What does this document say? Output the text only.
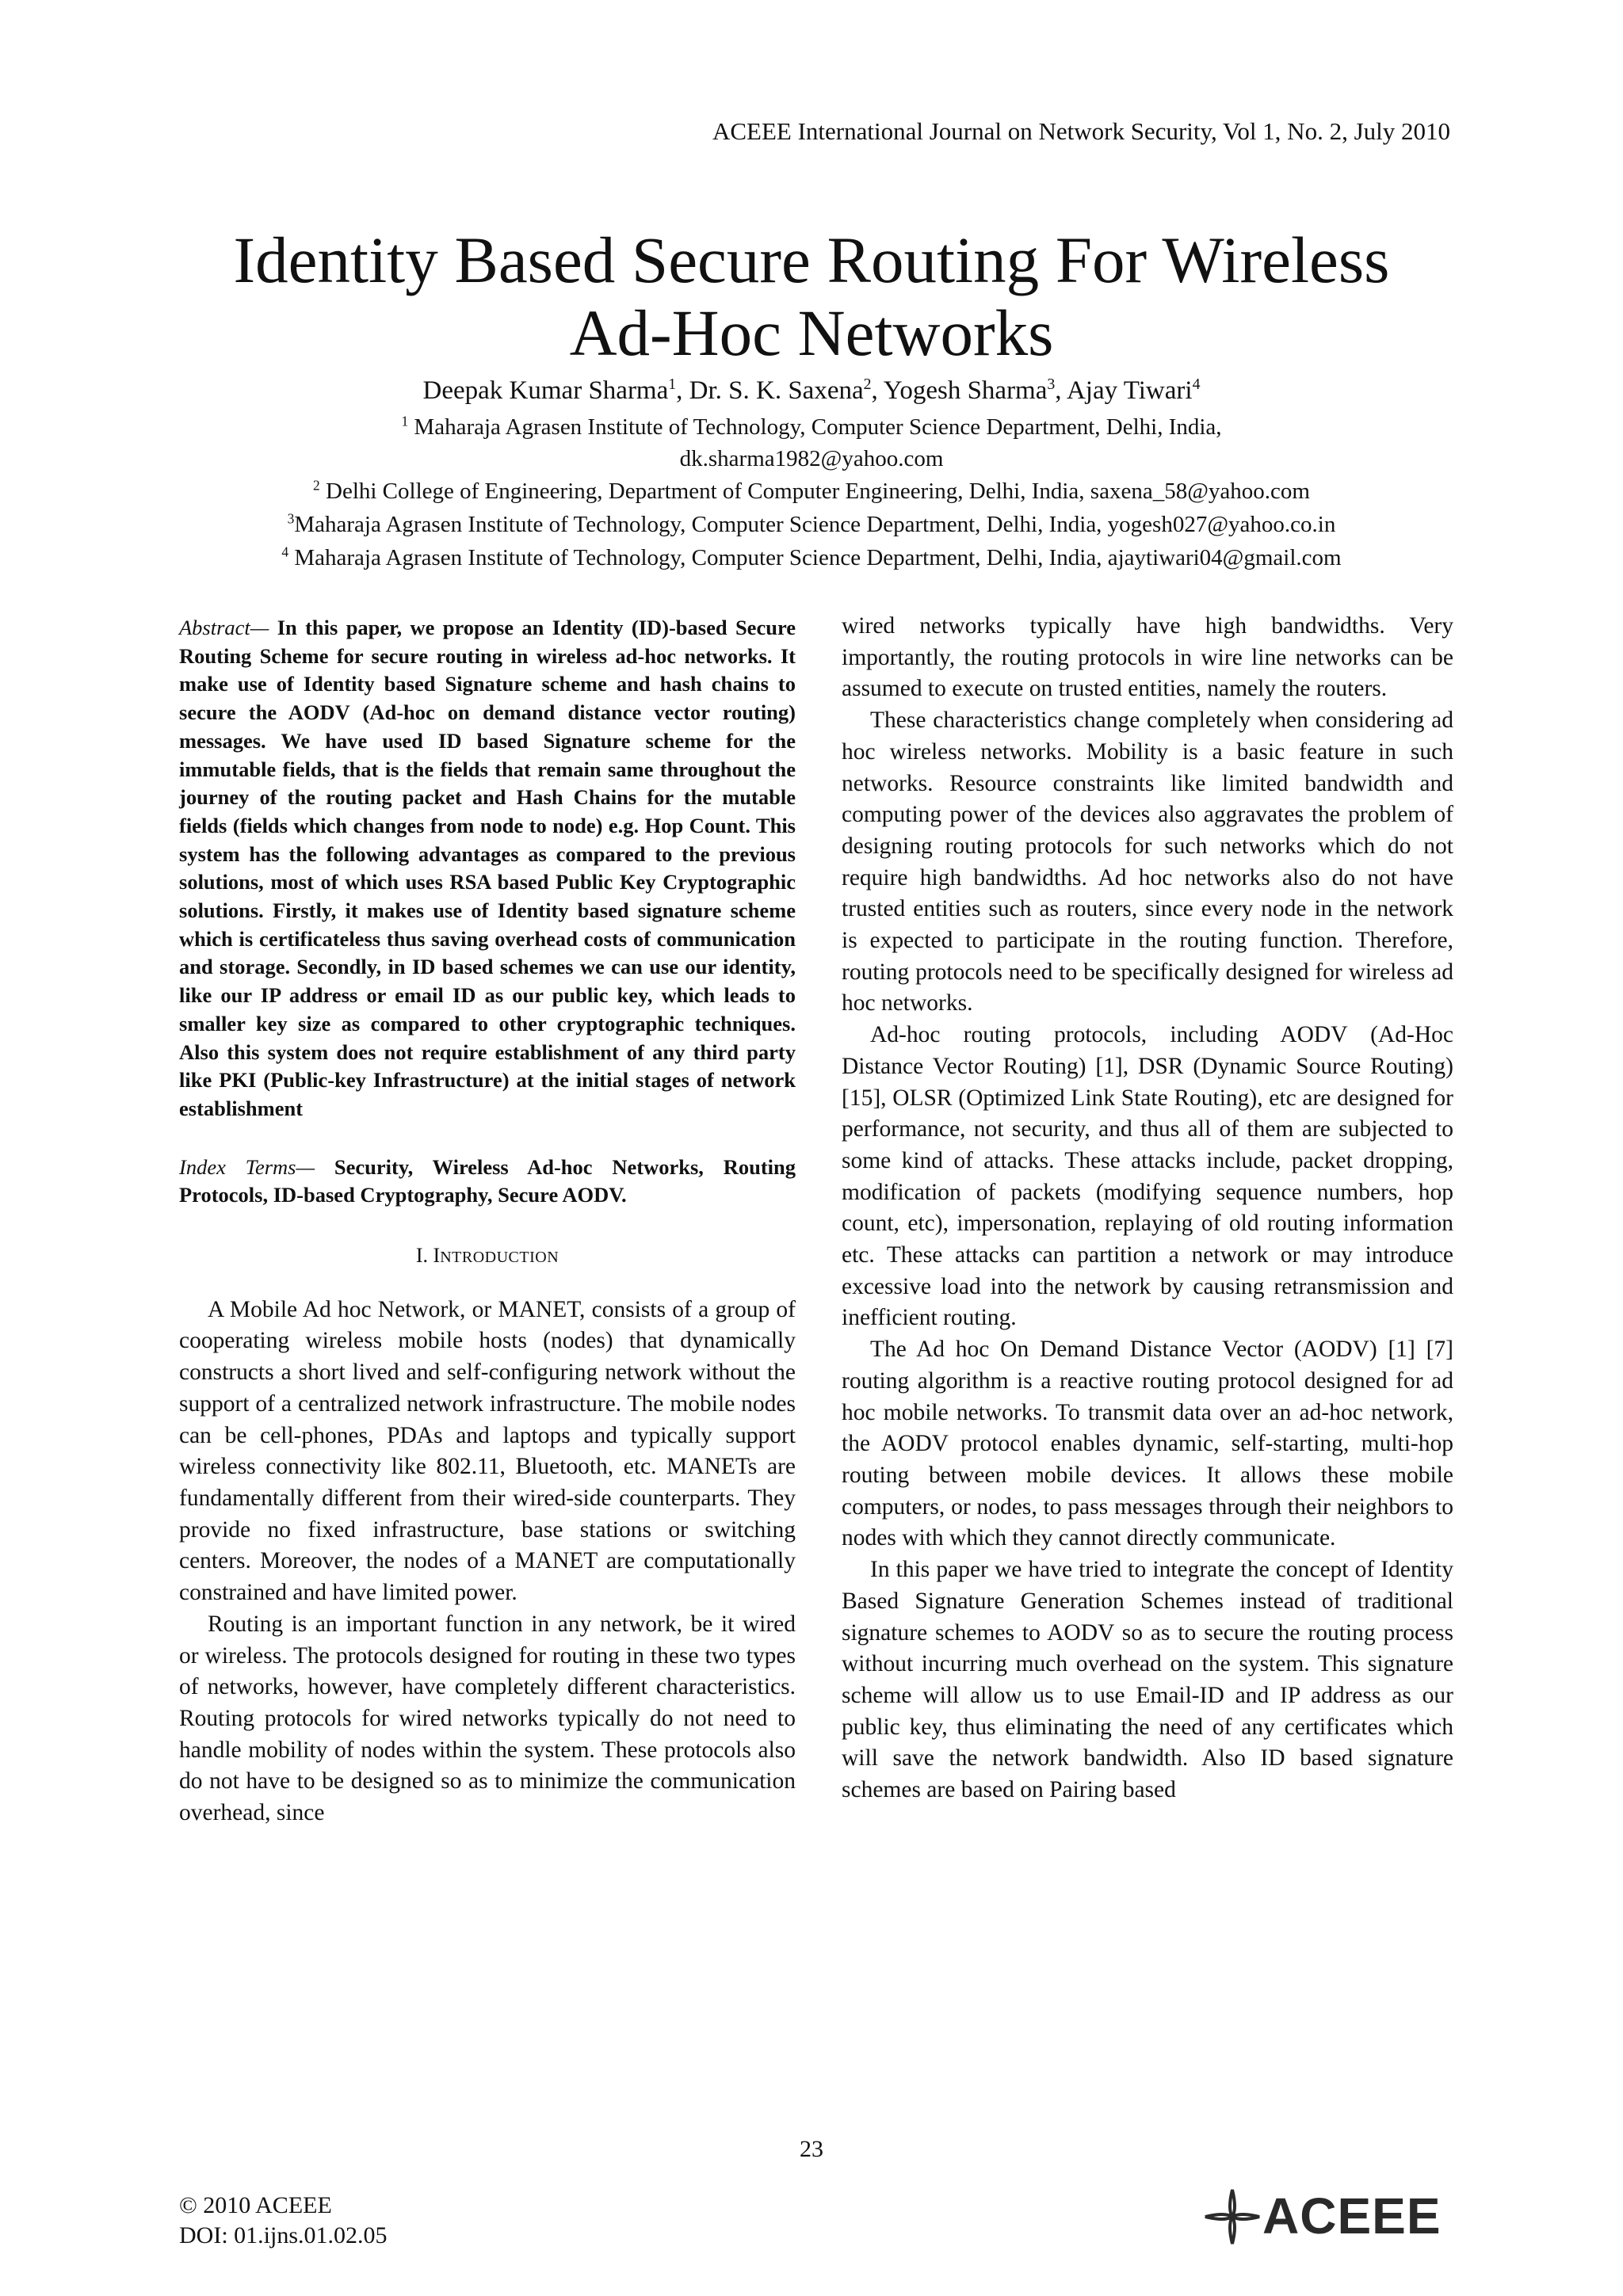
ACEEE International Journal on Network Security, Vol 1, No. 2, July 2010
Identity Based Secure Routing For Wireless
Ad-Hoc Networks
Deepak Kumar Sharma$^1$, Dr. S. K. Saxena$^2$, Yogesh Sharma$^3$, Ajay Tiwari$^4$
$^1$ Maharaja Agrasen Institute of Technology, Computer Science Department, Delhi, India,
dk.sharma1982@yahoo.com
$^2$ Delhi College of Engineering, Department of Computer Engineering, Delhi, India, saxena_58@yahoo.com
$^3$Maharaja Agrasen Institute of Technology, Computer Science Department, Delhi, India, yogesh027@yahoo.co.in
$^4$ Maharaja Agrasen Institute of Technology, Computer Science Department, Delhi, India, ajaytiwari04@gmail.com

Abstract— In this paper, we propose an Identity (ID)-based Secure Routing Scheme for secure routing in wireless ad-hoc networks. It make use of Identity based Signature scheme and hash chains to secure the AODV (Ad-hoc on demand distance vector routing) messages. We have used ID based Signature scheme for the immutable fields, that is the fields that remain same throughout the journey of the routing packet and Hash Chains for the mutable fields (fields which changes from node to node) e.g. Hop Count. This system has the following advantages as compared to the previous solutions, most of which uses RSA based Public Key Cryptographic solutions. Firstly, it makes use of Identity based signature scheme which is certificateless thus saving overhead costs of communication and storage. Secondly, in ID based schemes we can use our identity, like our IP address or email ID as our public key, which leads to smaller key size as compared to other cryptographic techniques. Also this system does not require establishment of any third party like PKI (Public-key Infrastructure) at the initial stages of network establishment

Index Terms— Security, Wireless Ad-hoc Networks, Routing Protocols, ID-based Cryptography, Secure AODV.

I. INTRODUCTION

A Mobile Ad hoc Network, or MANET, consists of a group of cooperating wireless mobile hosts (nodes) that dynamically constructs a short lived and self-configuring network without the support of a centralized network infrastructure. The mobile nodes can be cell-phones, PDAs and laptops and typically support wireless connectivity like 802.11, Bluetooth, etc. MANETs are fundamentally different from their wired-side counterparts. They provide no fixed infrastructure, base stations or switching centers. Moreover, the nodes of a MANET are computationally constrained and have limited power.

Routing is an important function in any network, be it wired or wireless. The protocols designed for routing in these two types of networks, however, have completely different characteristics. Routing protocols for wired networks typically do not need to handle mobility of nodes within the system. These protocols also do not have to be designed so as to minimize the communication overhead, since

wired networks typically have high bandwidths. Very importantly, the routing protocols in wire line networks can be assumed to execute on trusted entities, namely the routers.

These characteristics change completely when considering ad hoc wireless networks. Mobility is a basic feature in such networks. Resource constraints like limited bandwidth and computing power of the devices also aggravates the problem of designing routing protocols for such networks which do not require high bandwidths. Ad hoc networks also do not have trusted entities such as routers, since every node in the network is expected to participate in the routing function. Therefore, routing protocols need to be specifically designed for wireless ad hoc networks.

Ad-hoc routing protocols, including AODV (Ad-Hoc Distance Vector Routing) [1], DSR (Dynamic Source Routing)[15], OLSR (Optimized Link State Routing), etc are designed for performance, not security, and thus all of them are subjected to some kind of attacks. These attacks include, packet dropping, modification of packets (modifying sequence numbers, hop count, etc), impersonation, replaying of old routing information etc. These attacks can partition a network or may introduce excessive load into the network by causing retransmission and inefficient routing.

The Ad hoc On Demand Distance Vector (AODV) [1] [7] routing algorithm is a reactive routing protocol designed for ad hoc mobile networks. To transmit data over an ad-hoc network, the AODV protocol enables dynamic, self-starting, multi-hop routing between mobile devices. It allows these mobile computers, or nodes, to pass messages through their neighbors to nodes with which they cannot directly communicate.

In this paper we have tried to integrate the concept of Identity Based Signature Generation Schemes instead of traditional signature schemes to AODV so as to secure the routing process without incurring much overhead on the system. This signature scheme will allow us to use Email-ID and IP address as our public key, thus eliminating the need of any certificates which will save the network bandwidth. Also ID based signature schemes are based on Pairing based

23
© 2010 ACEEE
DOI: 01.ijns.01.02.05	ACEEE
